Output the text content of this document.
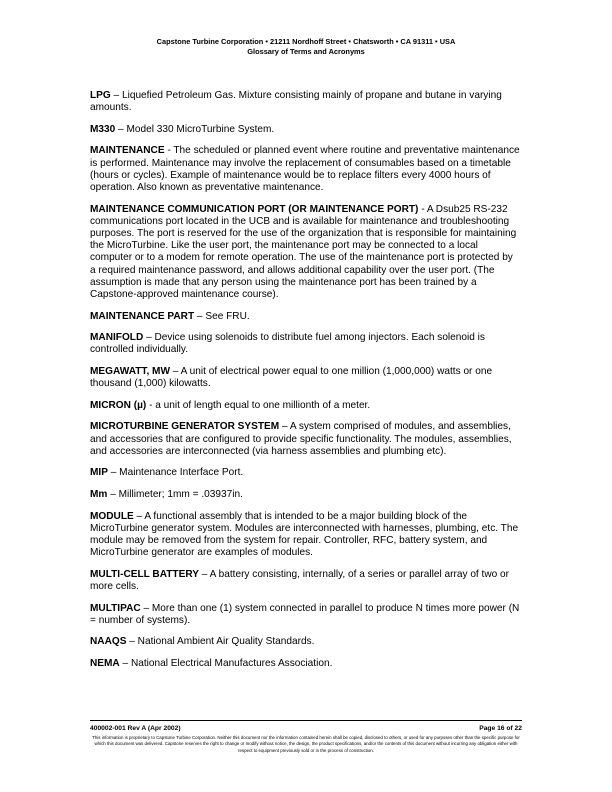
Capstone Turbine Corporation • 21211 Nordhoff Street • Chatsworth • CA 91311 • USA
Glossary of Terms and Acronyms

LPG – Liquefied Petroleum Gas. Mixture consisting mainly of propane and butane in varying amounts.

M330 – Model 330 MicroTurbine System.

MAINTENANCE - The scheduled or planned event where routine and preventative maintenance is performed. Maintenance may involve the replacement of consumables based on a timetable (hours or cycles). Example of maintenance would be to replace filters every 4000 hours of operation. Also known as preventative maintenance.

MAINTENANCE COMMUNICATION PORT (OR MAINTENANCE PORT) - A Dsub25 RS-232 communications port located in the UCB and is available for maintenance and troubleshooting purposes. The port is reserved for the use of the organization that is responsible for maintaining the MicroTurbine. Like the user port, the maintenance port may be connected to a local computer or to a modem for remote operation. The use of the maintenance port is protected by a required maintenance password, and allows additional capability over the user port. (The assumption is made that any person using the maintenance port has been trained by a Capstone-approved maintenance course).

MAINTENANCE PART – See FRU.

MANIFOLD – Device using solenoids to distribute fuel among injectors. Each solenoid is controlled individually.

MEGAWATT, MW – A unit of electrical power equal to one million (1,000,000) watts or one thousand (1,000) kilowatts.

MICRON (µ) - a unit of length equal to one millionth of a meter.

MICROTURBINE GENERATOR SYSTEM – A system comprised of modules, and assemblies, and accessories that are configured to provide specific functionality. The modules, assemblies, and accessories are interconnected (via harness assemblies and plumbing etc).

MIP – Maintenance Interface Port.

Mm – Millimeter; 1mm = .03937in.

MODULE – A functional assembly that is intended to be a major building block of the MicroTurbine generator system. Modules are interconnected with harnesses, plumbing, etc. The module may be removed from the system for repair. Controller, RFC, battery system, and MicroTurbine generator are examples of modules.

MULTI-CELL BATTERY – A battery consisting, internally, of a series or parallel array of two or more cells.

MULTIPAC – More than one (1) system connected in parallel to produce N times more power (N = number of systems).

NAAQS – National Ambient Air Quality Standards.

NEMA – National Electrical Manufactures Association.

400002-001 Rev A (Apr 2002)	Page 16 of 22
This information is proprietary to Capstone Turbine Corporation. Neither this document nor the information contained herein shall be copied, disclosed to others, or used for any purposes other than the specific purpose for which this document was delivered. Capstone reserves the right to change or modify without notice, the design, the product specifications, and/or the contents of this document without incurring any obligation either with respect to equipment previously sold or in the process of construction.
